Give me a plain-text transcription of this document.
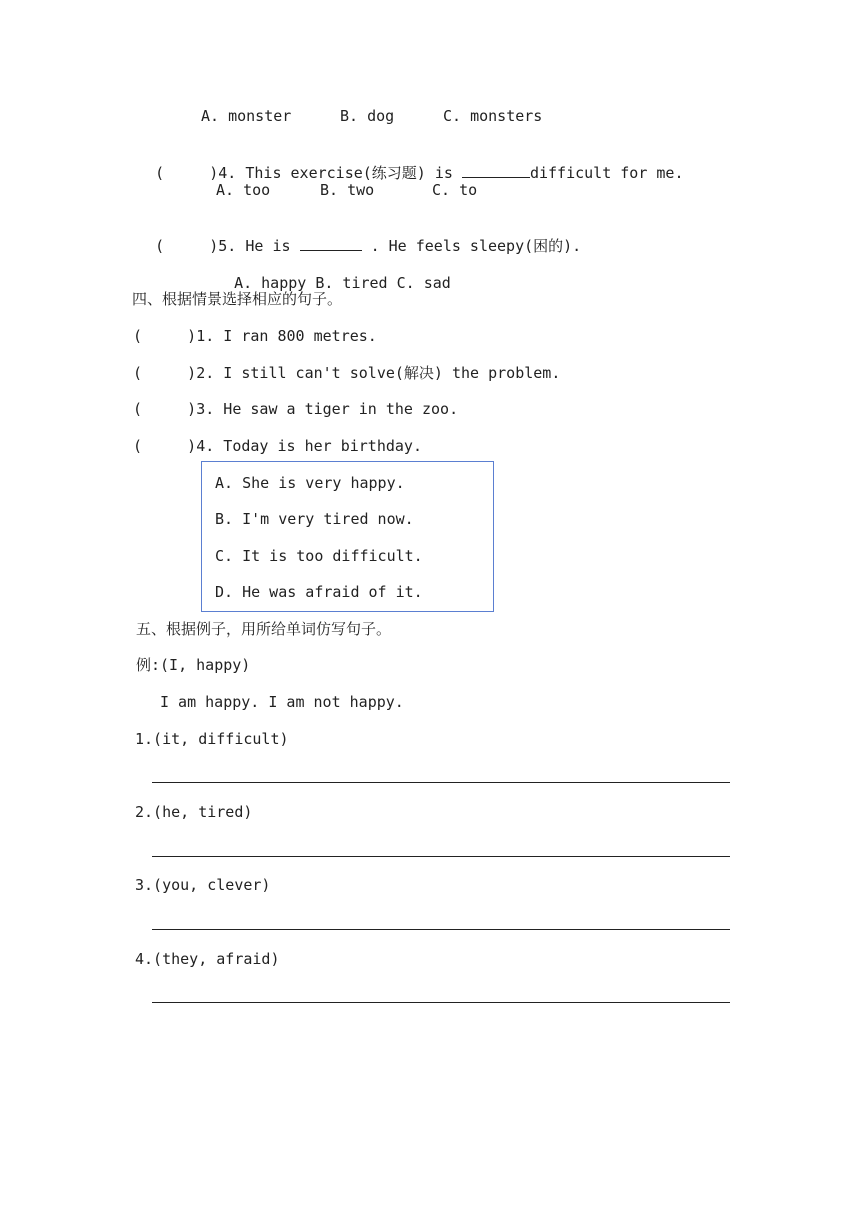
A. monster	B. dog	C. monsters

(     )4. This exercise(练习题) is	difficult for me.

A. too	B. two	C. to

(     )5. He is	. He feels sleepy(困的).

A. happy B. tired C. sad

四、根据情景选择相应的句子。
(     )1. I ran 800 metres.
(     )2. I still can't solve(解决) the problem.
(     )3. He saw a tiger in the zoo.
(     )4. Today is her birthday.
A. She is very happy.
B. I'm very tired now.
C. It is too difficult.
D. He was afraid of it.
五、根据例子，用所给单词仿写句子。
例:(I, happy)
I am happy. I am not happy.
1.(it, difficult)
2.(he, tired)
3.(you, clever)
4.(they, afraid)
